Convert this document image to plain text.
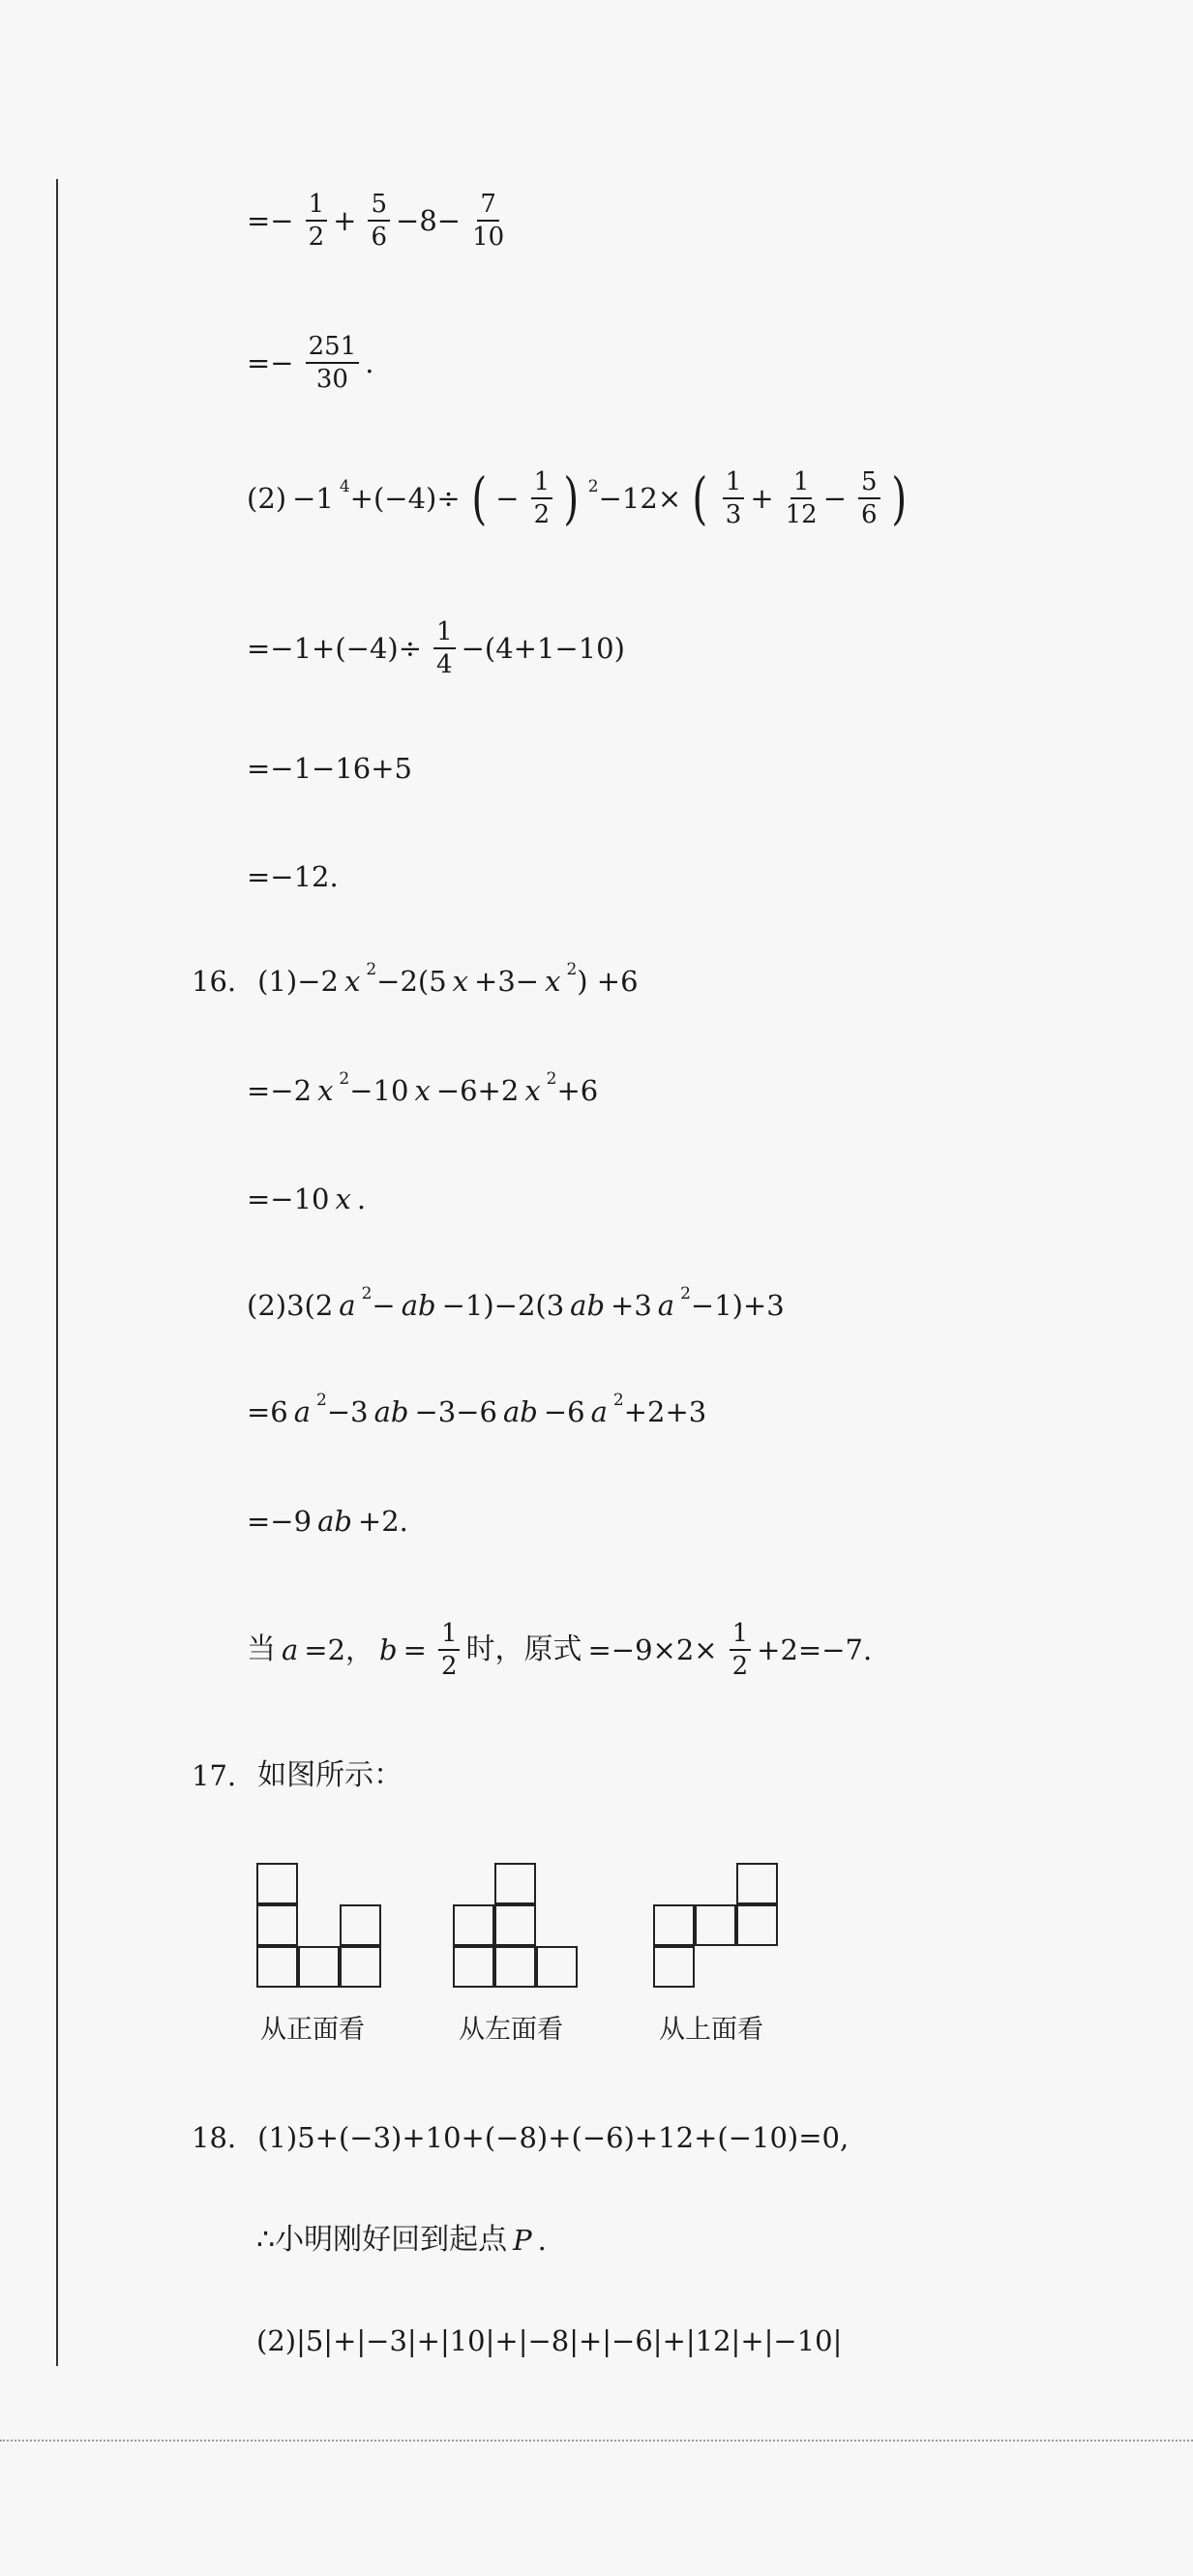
=− $\frac{1}{2} + \frac{5}{6} -8- \frac{7}{10}$
=− $\frac{251}{30}$ .
(2) −1 $^4$ +(−4)÷ ( − $\frac{1}{2}$ ) $^2$ −12× ( $\frac{1}{3} + \frac{1}{12} - \frac{5}{6}$ )
$=-1+(-4)\div \frac{1}{4} -(4+1-10)$
=−1−16+5
=−12.
16. (1)−2 x $^2$ −2(5 x +3− x $^2$ ) +6
=−2 x $^2$ −10 x −6+2 x $^2$ +6
=−10 x .
(2)3(2 a $^2$ − ab −1)−2(3 ab +3 a $^2$ −1)+3
=6 a $^2$ −3 ab −3−6 ab −6 a $^2$ +2+3
=−9 ab +2.
当 a =2， $b = \frac{1}{2}$ 时，原式 $=-9\times 2\times \frac{1}{2} +2=-7$.
17. 如图所示：
从正面看	从左面看	从上面看
18. (1)5+(−3)+10+(−8)+(−6)+12+(−10)=0,
∴小明刚好回到起点 P .
(2)|5|+|−3|+|10|+|−8|+|−6|+|12|+|−10|
